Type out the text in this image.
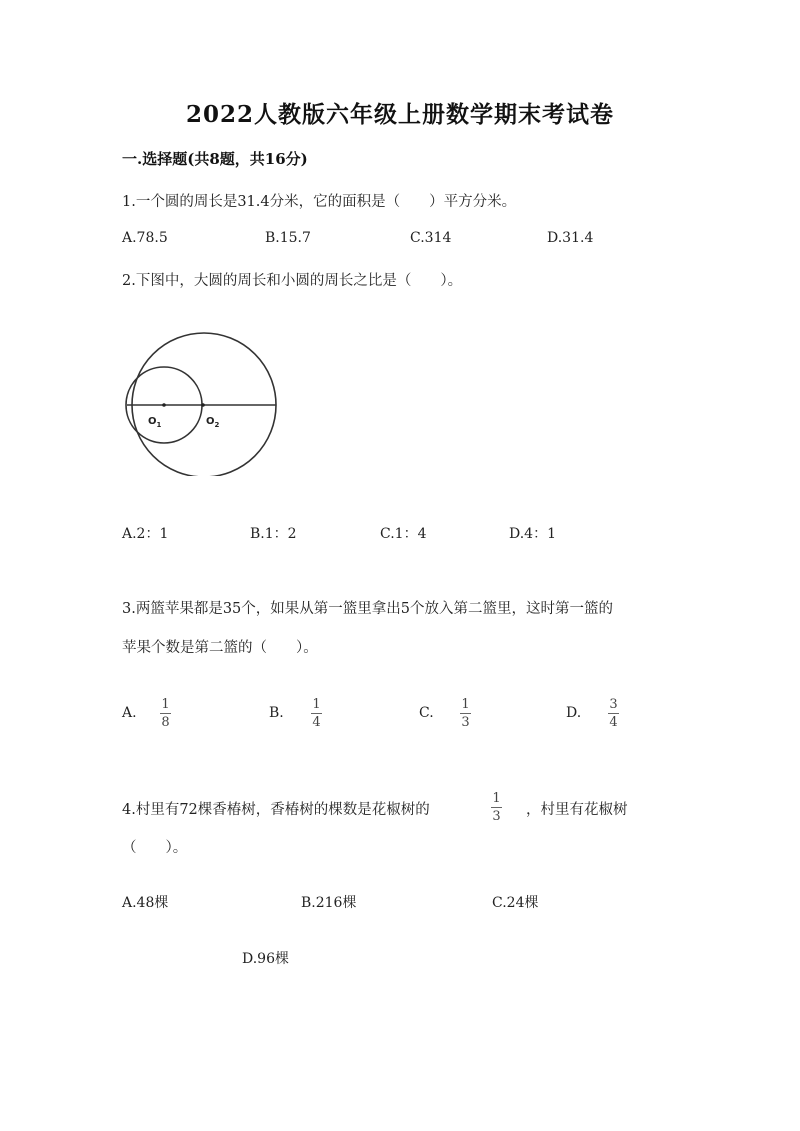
2022人教版六年级上册数学期末考试卷
一.选择题(共8题，共16分)
1.一个圆的周长是31.4分米，它的面积是（　　）平方分米。
A.78.5	B.15.7	C.314	D.31.4
2.下图中，大圆的周长和小圆的周长之比是（　　）。
$O_1$	$O_2$
A.2：1	B.1：2	C.1：4	D.4：1
3.两篮苹果都是35个，如果从第一篮里拿出5个放入第二篮里，这时第一篮的
苹果个数是第二篮的（　　）。
A.
1
8
B.
1
4
C.
1
3
D.
3
4
4.村里有72棵香椿树，香椿树的棵数是花椒树的
1
3 ，村里有花椒树
（　　）。
A.48棵	B.216棵	C.24棵
D.96棵
